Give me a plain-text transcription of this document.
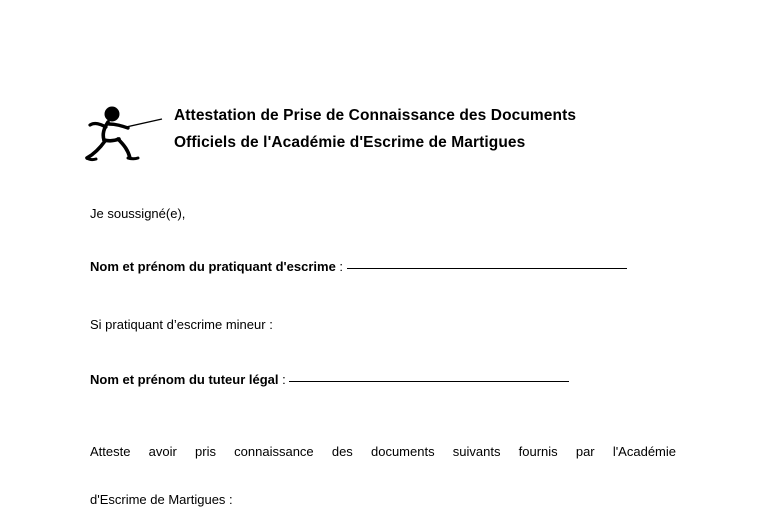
Attestation de Prise de Connaissance des Documents
Officiels de l'Académie d'Escrime de Martigues
Je soussigné(e),
Nom et prénom du pratiquant d'escrime :
Si pratiquant d’escrime mineur :
Nom et prénom du tuteur légal :
Atteste avoir pris connaissance des documents suivants fournis par l'Académie
d'Escrime de Martigues :
